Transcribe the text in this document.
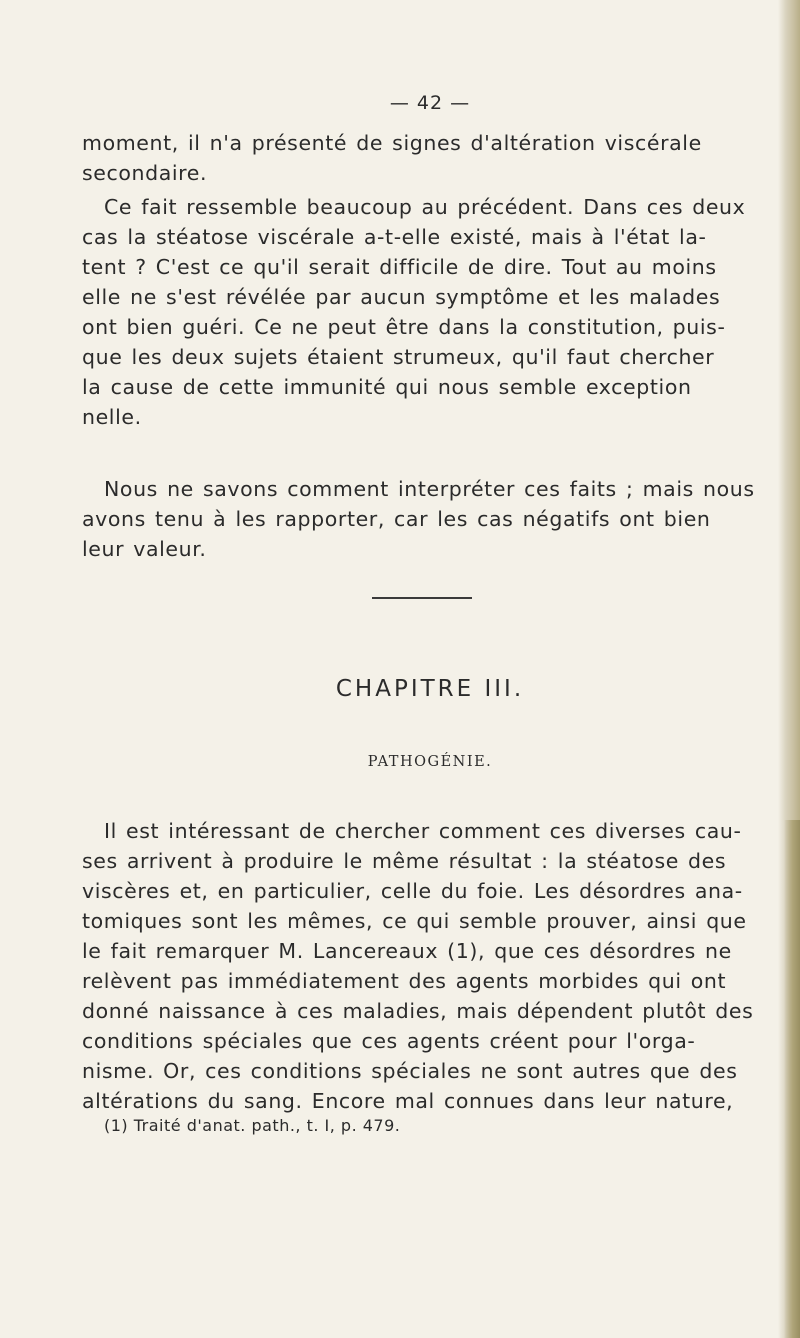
— 42 —
moment, il n'a présenté de signes d'altération viscérale
secondaire.
Ce fait ressemble beaucoup au précédent. Dans ces deux
cas la stéatose viscérale a-t-elle existé, mais à l'état la-
tent ? C'est ce qu'il serait difficile de dire. Tout au moins
elle ne s'est révélée par aucun symptôme et les malades
ont bien guéri. Ce ne peut être dans la constitution, puis-
que les deux sujets étaient strumeux, qu'il faut chercher
la cause de cette immunité qui nous semble exception
nelle.
Nous ne savons comment interpréter ces faits ; mais nous
avons tenu à les rapporter, car les cas négatifs ont bien
leur valeur.
CHAPITRE III.
PATHOGÉNIE.
Il est intéressant de chercher comment ces diverses cau-
ses arrivent à produire le même résultat : la stéatose des
viscères et, en particulier, celle du foie. Les désordres ana-
tomiques sont les mêmes, ce qui semble prouver, ainsi que
le fait remarquer M. Lancereaux (1), que ces désordres ne
relèvent pas immédiatement des agents morbides qui ont
donné naissance à ces maladies, mais dépendent plutôt des
conditions spéciales que ces agents créent pour l'orga-
nisme. Or, ces conditions spéciales ne sont autres que des
altérations du sang. Encore mal connues dans leur nature,
(1) Traité d'anat. path., t. I, p. 479.
